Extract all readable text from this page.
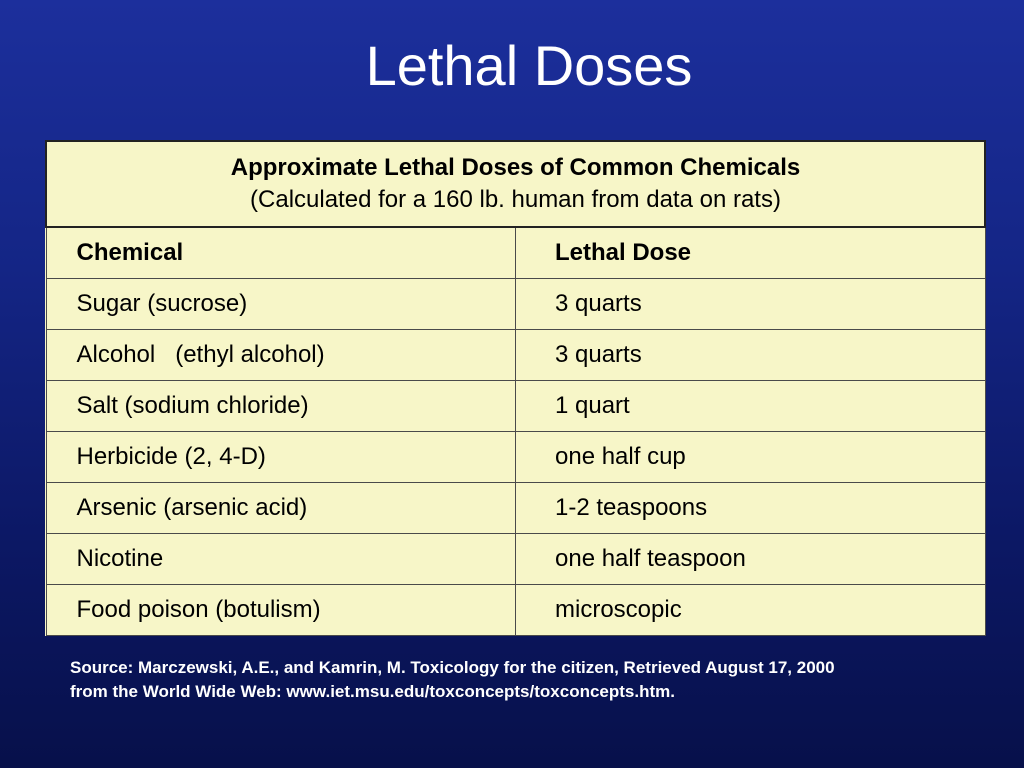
Lethal Doses
Approximate Lethal Doses of Common Chemicals
(Calculated for a 160 lb. human from data on rats)	

Chemical	Lethal Dose
Sugar (sucrose)	3 quarts
Alcohol   (ethyl alcohol)	3 quarts
Salt (sodium chloride)	1 quart
Herbicide (2, 4-D)	one half cup
Arsenic (arsenic acid)	1-2 teaspoons
Nicotine	one half teaspoon
Food poison (botulism)	microscopic
Source: Marczewski, A.E., and Kamrin, M. Toxicology for the citizen, Retrieved August 17, 2000
from the World Wide Web: www.iet.msu.edu/toxconcepts/toxconcepts.htm.
